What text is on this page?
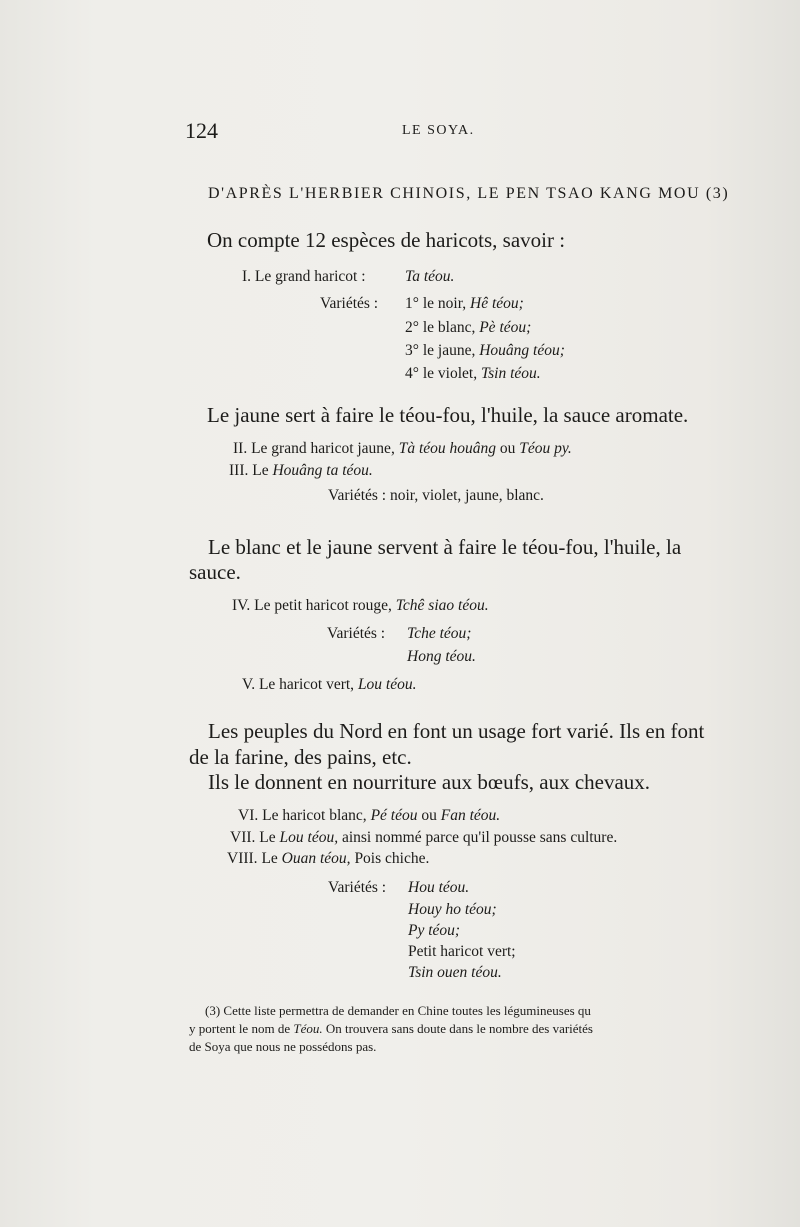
124	LE SOYA.
D'APRÈS L'HERBIER CHINOIS, LE PEN TSAO KANG MOU (3)
On compte 12 espèces de haricots, savoir :
I. Le grand haricot :	Ta téou.
Variétés : 1° le noir, Hê téou;
2° le blanc, Pè téou;
3° le jaune, Houâng téou;
4° le violet, Tsin téou.
Le jaune sert à faire le téou-fou, l'huile, la sauce aromate.
II. Le grand haricot jaune, Tà téou houâng ou Téou py.
III. Le Houâng ta téou.
Variétés : noir, violet, jaune, blanc.
Le blanc et le jaune servent à faire le téou-fou, l'huile, la
sauce.
IV. Le petit haricot rouge, Tchê siao téou.
Variétés : Tche téou;
Hong téou.
V. Le haricot vert, Lou téou.
Les peuples du Nord en font un usage fort varié. Ils en font
de la farine, des pains, etc.
Ils le donnent en nourriture aux bœufs, aux chevaux.
VI. Le haricot blanc, Pé téou ou Fan téou.
VII. Le Lou téou, ainsi nommé parce qu'il pousse sans culture.
VIII. Le Ouan téou, Pois chiche.
Variétés : Hou téou.
Houy ho téou;
Py téou;
Petit haricot vert;
Tsin ouen téou.
(3) Cette liste permettra de demander en Chine toutes les légumineuses qu
y portent le nom de Téou. On trouvera sans doute dans le nombre des variétés
de Soya que nous ne possédons pas.
